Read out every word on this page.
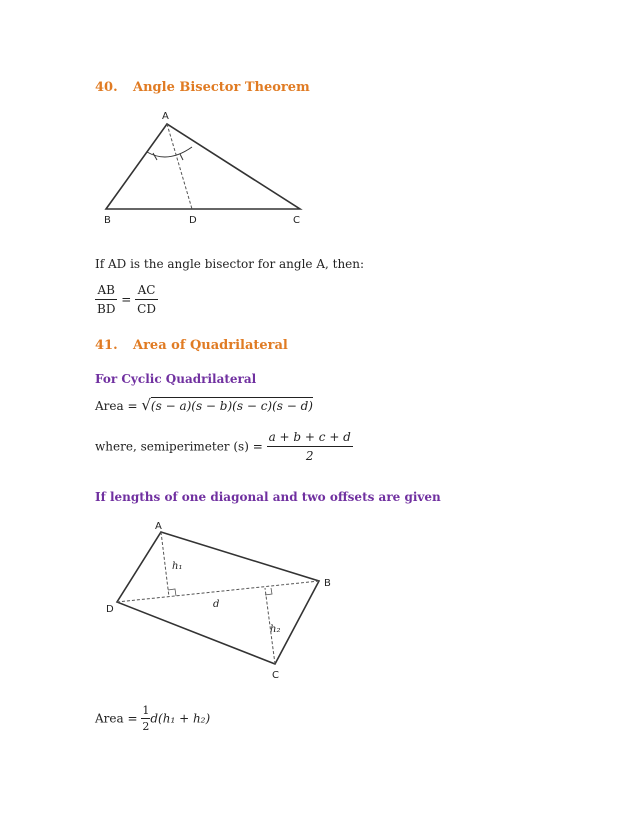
40. Angle Bisector Theorem
A
B	D	C
If AD is the angle bisector for angle A, then:
$\frac{AB}{BD} = \frac{AC}{CD}$
41. Area of Quadrilateral
For Cyclic Quadrilateral
Area = √(s − a)(s − b)(s − c)(s − d)
where, semiperimeter $(s) = \frac{a + b + c + d}{2}$
If lengths of one diagonal and two offsets are given
A
B
C
D
h₁
d
h₂
Area = $\frac{1}{2} d(h_1 + h_2)$
